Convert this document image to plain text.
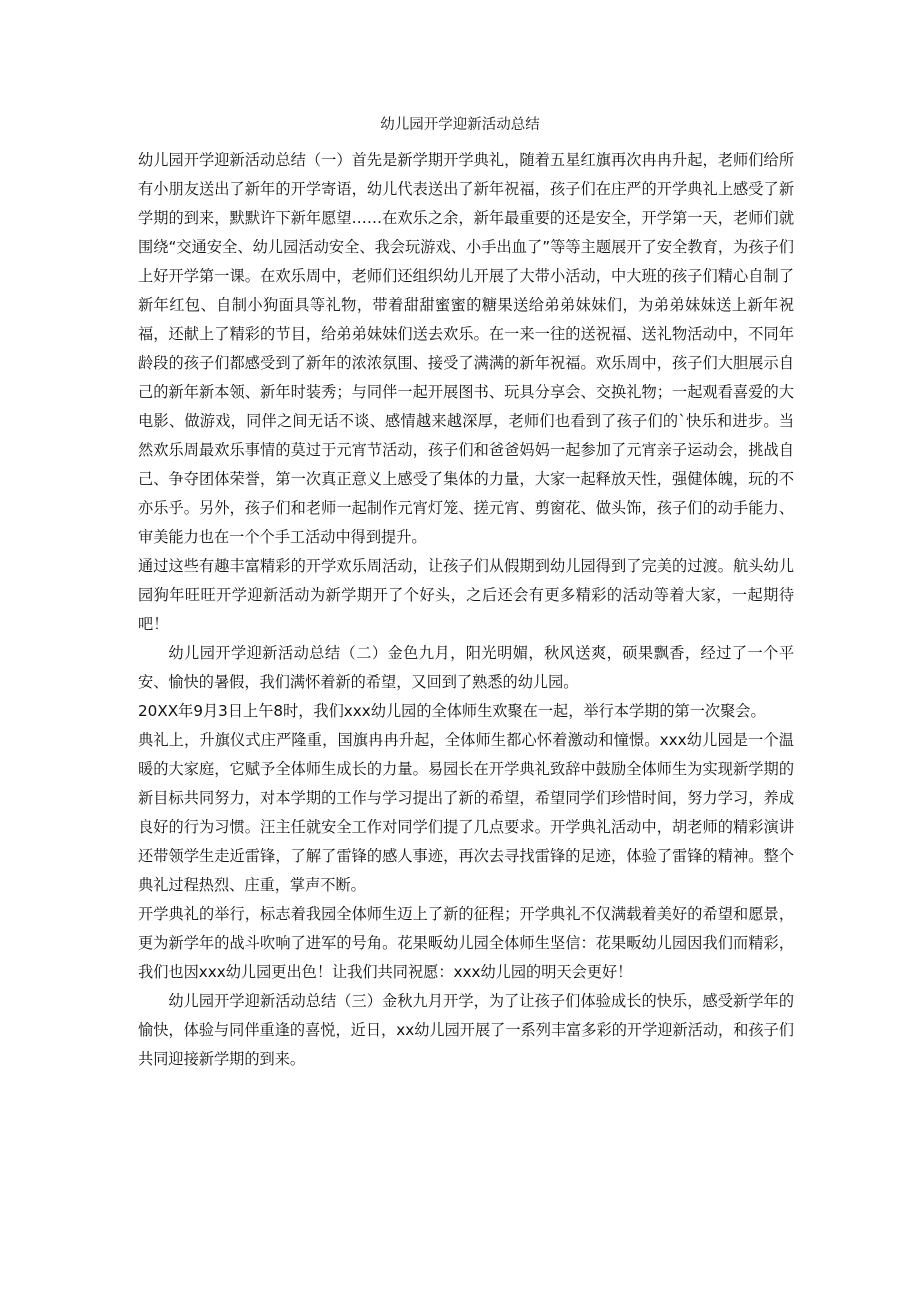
幼儿园开学迎新活动总结

幼儿园开学迎新活动总结（一）首先是新学期开学典礼，随着五星红旗再次冉冉升起，老师们给所有小朋友送出了新年的开学寄语，幼儿代表送出了新年祝福，孩子们在庄严的开学典礼上感受了新学期的到来，默默许下新年愿望……在欢乐之余，新年最重要的还是安全，开学第一天，老师们就围绕“交通安全、幼儿园活动安全、我会玩游戏、小手出血了”等等主题展开了安全教育，为孩子们上好开学第一课。在欢乐周中，老师们还组织幼儿开展了大带小活动，中大班的孩子们精心自制了新年红包、自制小狗面具等礼物，带着甜甜蜜蜜的糖果送给弟弟妹妹们，为弟弟妹妹送上新年祝福，还献上了精彩的节目，给弟弟妹妹们送去欢乐。在一来一往的送祝福、送礼物活动中，不同年龄段的孩子们都感受到了新年的浓浓氛围、接受了满满的新年祝福。欢乐周中，孩子们大胆展示自己的新年新本领、新年时装秀；与同伴一起开展图书、玩具分享会、交换礼物；一起观看喜爱的大电影、做游戏，同伴之间无话不谈、感情越来越深厚，老师们也看到了孩子们的`快乐和进步。当然欢乐周最欢乐事情的莫过于元宵节活动，孩子们和爸爸妈妈一起参加了元宵亲子运动会，挑战自己、争夺团体荣誉，第一次真正意义上感受了集体的力量，大家一起释放天性，强健体魄，玩的不亦乐乎。另外，孩子们和老师一起制作元宵灯笼、搓元宵、剪窗花、做头饰，孩子们的动手能力、审美能力也在一个个手工活动中得到提升。

通过这些有趣丰富精彩的开学欢乐周活动，让孩子们从假期到幼儿园得到了完美的过渡。航头幼儿园狗年旺旺开学迎新活动为新学期开了个好头，之后还会有更多精彩的活动等着大家，一起期待吧！

幼儿园开学迎新活动总结（二）金色九月，阳光明媚，秋风送爽，硕果飘香，经过了一个平安、愉快的暑假，我们满怀着新的希望，又回到了熟悉的幼儿园。

20XX年9月3日上午8时，我们xxx幼儿园的全体师生欢聚在一起，举行本学期的第一次聚会。

典礼上，升旗仪式庄严隆重，国旗冉冉升起，全体师生都心怀着激动和憧憬。xxx幼儿园是一个温暖的大家庭，它赋予全体师生成长的力量。易园长在开学典礼致辞中鼓励全体师生为实现新学期的新目标共同努力，对本学期的工作与学习提出了新的希望，希望同学们珍惜时间，努力学习，养成良好的行为习惯。汪主任就安全工作对同学们提了几点要求。开学典礼活动中，胡老师的精彩演讲还带领学生走近雷锋，了解了雷锋的感人事迹，再次去寻找雷锋的足迹，体验了雷锋的精神。整个典礼过程热烈、庄重，掌声不断。

开学典礼的举行，标志着我园全体师生迈上了新的征程；开学典礼不仅满载着美好的希望和愿景，更为新学年的战斗吹响了进军的号角。花果畈幼儿园全体师生坚信：花果畈幼儿园因我们而精彩，我们也因xxx幼儿园更出色！让我们共同祝愿：xxx幼儿园的明天会更好！

幼儿园开学迎新活动总结（三）金秋九月开学，为了让孩子们体验成长的快乐，感受新学年的愉快，体验与同伴重逢的喜悦，近日，xx幼儿园开展了一系列丰富多彩的开学迎新活动，和孩子们共同迎接新学期的到来。
